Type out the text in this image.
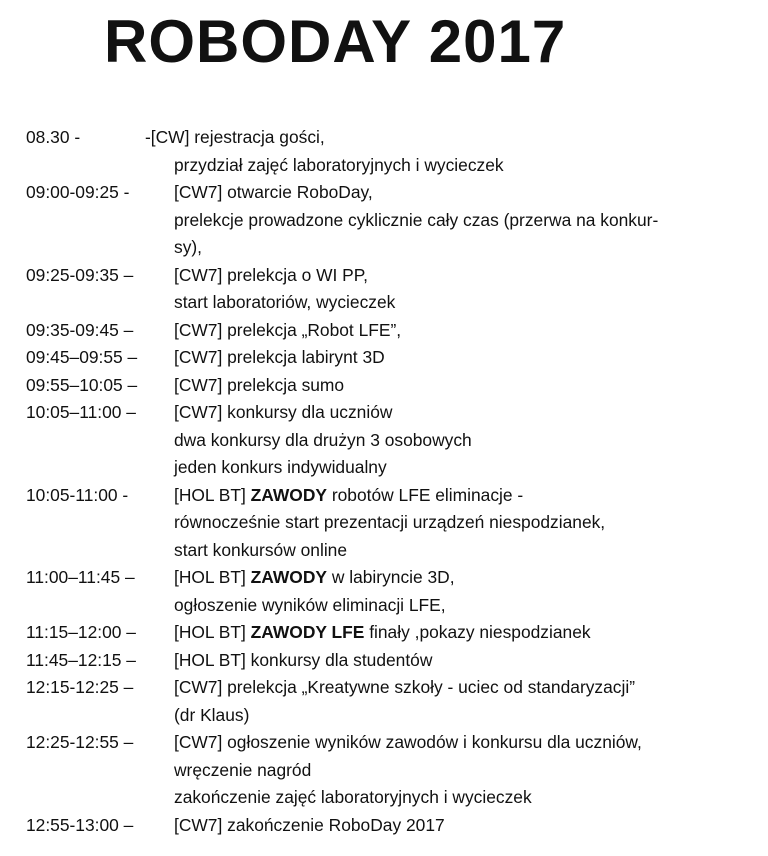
ROBODAY 2017
08.30 -	-[CW] rejestracja gości,
przydział zajęć laboratoryjnych i wycieczek
09:00-09:25 -	[CW7] otwarcie RoboDay,
prelekcje prowadzone cyklicznie cały czas (przerwa na konkur-
sy),
09:25-09:35 – [CW7] prelekcja o WI PP,
start laboratoriów, wycieczek
09:35-09:45 – [CW7] prelekcja „Robot LFE”,
09:45–09:55 – [CW7] prelekcja labirynt 3D
09:55–10:05 – [CW7] prelekcja sumo
10:05–11:00 – [CW7] konkursy dla uczniów
dwa konkursy dla drużyn 3 osobowych
jeden konkurs indywidualny
10:05-11:00 -	[HOL BT] ZAWODY robotów LFE eliminacje -
równocześnie start prezentacji urządzeń niespodzianek,
start konkursów online
11:00–11:45 – [HOL BT] ZAWODY w labiryncie 3D,
ogłoszenie wyników eliminacji LFE,
11:15–12:00 – [HOL BT] ZAWODY LFE finały ,pokazy niespodzianek
11:45–12:15 – [HOL BT] konkursy dla studentów
12:15-12:25 – [CW7] prelekcja „Kreatywne szkoły - uciec od standaryzacji”
(dr Klaus)
12:25-12:55 – [CW7] ogłoszenie wyników zawodów i konkursu dla uczniów,
wręczenie nagród
zakończenie zajęć laboratoryjnych i wycieczek
12:55-13:00 – [CW7] zakończenie RoboDay 2017
